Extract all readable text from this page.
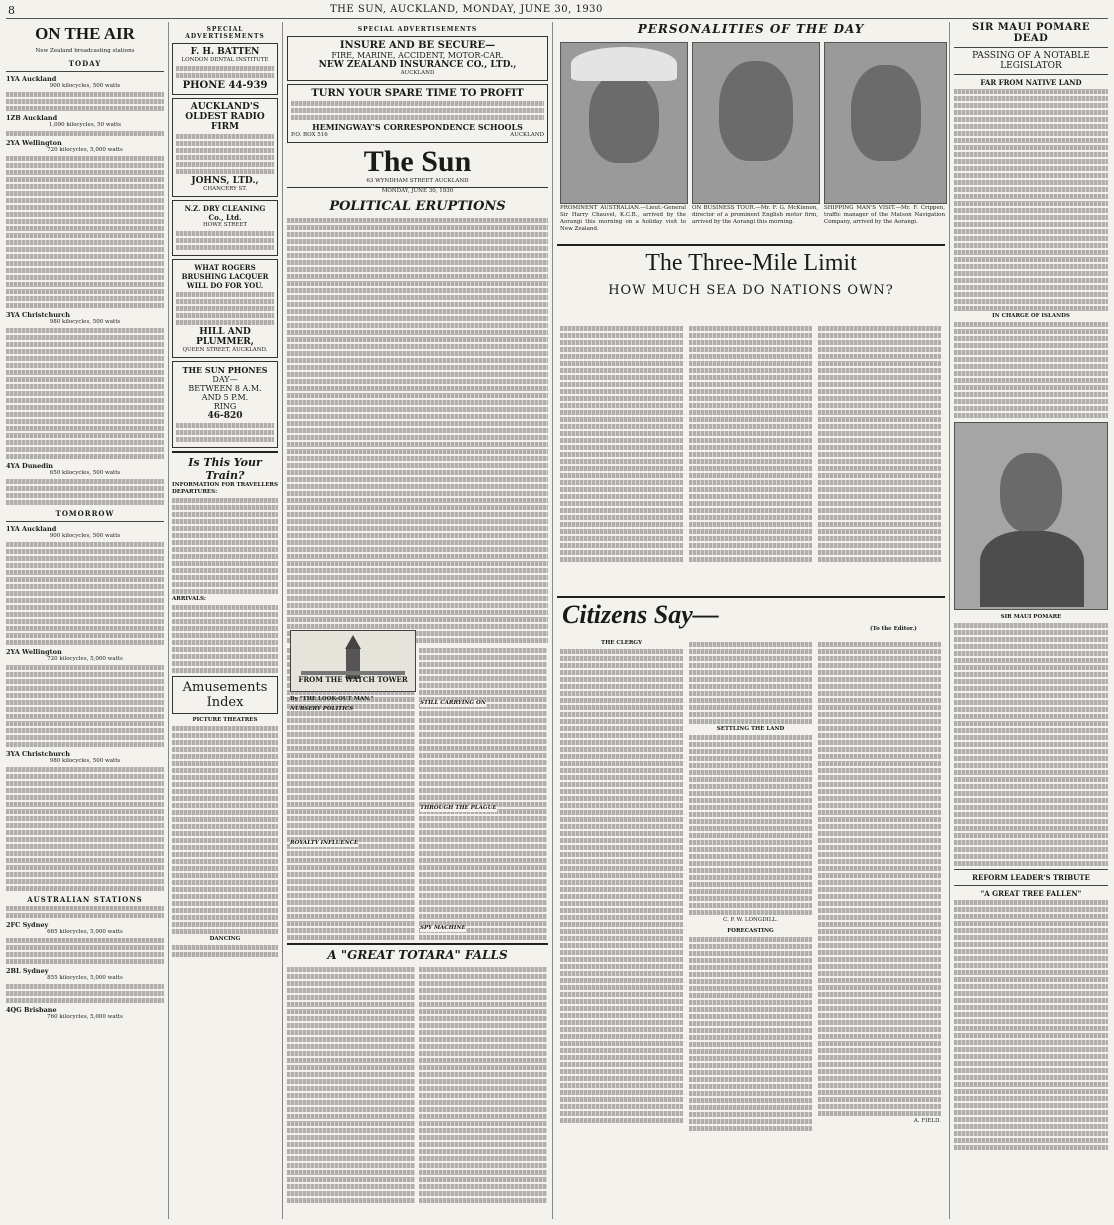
8	THE SUN, AUCKLAND, MONDAY, JUNE 30, 1930
ON THE AIR
New Zealand broadcasting stations
TODAY
1YA Auckland
900 kilocycles, 500 watts
1ZB Auckland
1,090 kilocycles, 50 watts
2YA Wellington
720 kilocycles, 5,000 watts
3YA Christchurch
980 kilocycles, 500 watts
4YA Dunedin
650 kilocycles, 500 watts
TOMORROW
1YA Auckland
900 kilocycles, 500 watts
2YA Wellington
720 kilocycles, 5,000 watts
3YA Christchurch
980 kilocycles, 500 watts
AUSTRALIAN STATIONS
2FC Sydney
665 kilocycles, 5,000 watts
2BL Sydney
855 kilocycles, 5,000 watts
4QG Brisbane
760 kilocycles, 5,000 watts
SPECIAL ADVERTISEMENTS
F. H. BATTEN
LONDON DENTAL INSTITUTE
PHONE 44-939
AUCKLAND'S OLDEST RADIO FIRM
JOHNS, LTD.,
CHANCERY ST.
N.Z. DRY CLEANING Co., Ltd.
HOWE STREET
WHAT ROGERS BRUSHING LACQUER WILL DO FOR YOU.
HILL AND PLUMMER,
QUEEN STREET, AUCKLAND.
THE SUN PHONES
DAY—
BETWEEN 8 A.M.
AND 5 P.M.
RING
46-820
Is This Your Train?
INFORMATION FOR TRAVELLERS
DEPARTURES:
ARRIVALS:
Amusements Index
PICTURE THEATRES
DANCING
SPECIAL ADVERTISEMENTS
INSURE AND BE SECURE—
FIRE, MARINE, ACCIDENT, MOTOR-CAR.
NEW ZEALAND INSURANCE CO., LTD.,
AUCKLAND
TURN YOUR SPARE TIME TO PROFIT
HEMINGWAY'S CORRESPONDENCE SCHOOLS
P.O. BOX 516	AUCKLAND
The Sun
63 WYNDHAM STREET AUCKLAND
MONDAY, JUNE 30, 1930
POLITICAL ERUPTIONS
FROM THE WATCH TOWER
By "THE LOOK-OUT MAN."
NURSERY POLITICS
ROYALTY INFLUENCE
STILL CARRYING ON
THROUGH THE PLAGUE
SPY MACHINE
A "GREAT TOTARA" FALLS
PERSONALITIES OF THE DAY
PROMINENT AUSTRALIAN.—Lieut.-General Sir Harry Chauvel, K.C.B., arrived by the Aorangi this morning on a holiday visit to New Zealand.
ON BUSINESS TOUR.—Mr. F. G. McKinnon, director of a prominent English motor firm, arrived by the Aorangi this morning.
SHIPPING MAN'S VISIT.—Mr. F. Crippen, traffic manager of the Matson Navigation Company, arrived by the Aorangi.
The Three-Mile Limit
HOW MUCH SEA DO NATIONS OWN?
Citizens Say—	(To the Editor.)
THE CLERGY
SETTLING THE LAND
C. P. W. LONGDILL.
FORECASTING
A. FIELD.
SIR MAUI POMARE DEAD
PASSING OF A NOTABLE LEGISLATOR
FAR FROM NATIVE LAND
IN CHARGE OF ISLANDS
SIR MAUI POMARE
REFORM LEADER'S TRIBUTE
"A GREAT TREE FALLEN"
